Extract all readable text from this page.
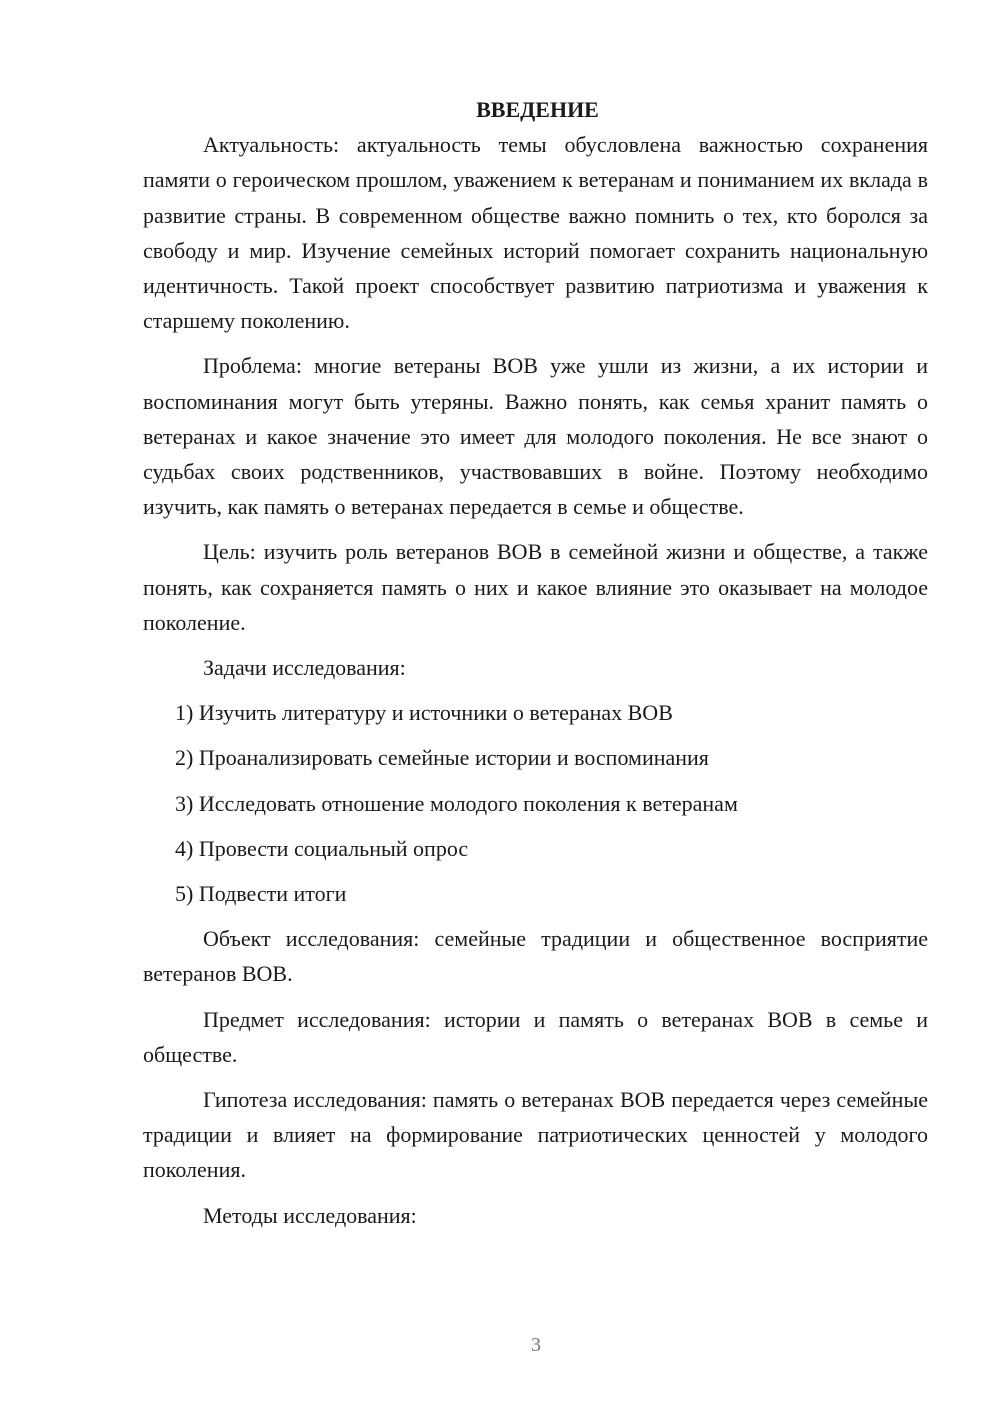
ВВЕДЕНИЕ

Актуальность: актуальность темы обусловлена важностью сохранения памяти о героическом прошлом, уважением к ветеранам и пониманием их вклада в развитие страны. В современном обществе важно помнить о тех, кто боролся за свободу и мир. Изучение семейных историй помогает сохранить национальную идентичность. Такой проект способствует развитию патриотизма и уважения к старшему поколению.

Проблема: многие ветераны ВОВ уже ушли из жизни, а их истории и воспоминания могут быть утеряны. Важно понять, как семья хранит память о ветеранах и какое значение это имеет для молодого поколения. Не все знают о судьбах своих родственников, участвовавших в войне. Поэтому необходимо изучить, как память о ветеранах передается в семье и обществе.

Цель: изучить роль ветеранов ВОВ в семейной жизни и обществе, а также понять, как сохраняется память о них и какое влияние это оказывает на молодое поколение.

Задачи исследования:

1) Изучить литературу и источники о ветеранах ВОВ
2) Проанализировать семейные истории и воспоминания
3) Исследовать отношение молодого поколения к ветеранам
4) Провести социальный опрос
5) Подвести итоги

Объект исследования: семейные традиции и общественное восприятие ветеранов ВОВ.

Предмет исследования: истории и память о ветеранах ВОВ в семье и обществе.

Гипотеза исследования: память о ветеранах ВОВ передается через семейные традиции и влияет на формирование патриотических ценностей у молодого поколения.

Методы исследования:

3
